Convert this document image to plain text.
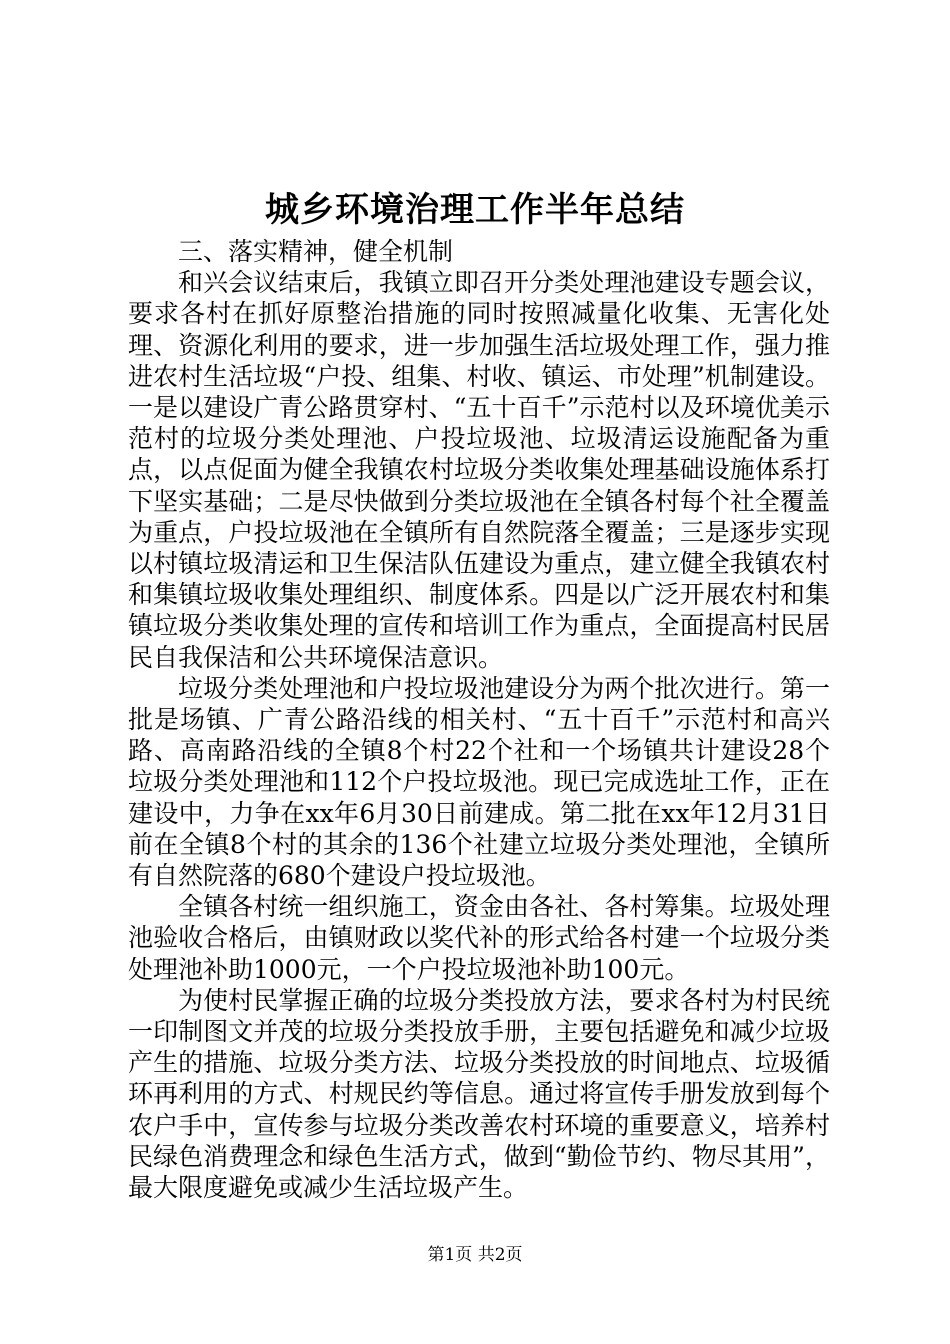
城乡环境治理工作半年总结

三、落实精神，健全机制

和兴会议结束后，我镇立即召开分类处理池建设专题会议，要求各村在抓好原整治措施的同时按照减量化收集、无害化处理、资源化利用的要求，进一步加强生活垃圾处理工作，强力推进农村生活垃圾“户投、组集、村收、镇运、市处理”机制建设。一是以建设广青公路贯穿村、“五十百千”示范村以及环境优美示范村的垃圾分类处理池、户投垃圾池、垃圾清运设施配备为重点，以点促面为健全我镇农村垃圾分类收集处理基础设施体系打下坚实基础；二是尽快做到分类垃圾池在全镇各村每个社全覆盖为重点，户投垃圾池在全镇所有自然院落全覆盖；三是逐步实现以村镇垃圾清运和卫生保洁队伍建设为重点，建立健全我镇农村和集镇垃圾收集处理组织、制度体系。四是以广泛开展农村和集镇垃圾分类收集处理的宣传和培训工作为重点，全面提高村民居民自我保洁和公共环境保洁意识。

垃圾分类处理池和户投垃圾池建设分为两个批次进行。第一批是场镇、广青公路沿线的相关村、“五十百千”示范村和高兴路、高南路沿线的全镇8个村22个社和一个场镇共计建设28个垃圾分类处理池和112个户投垃圾池。现已完成选址工作，正在建设中，力争在xx年6月30日前建成。第二批在xx年12月31日前在全镇8个村的其余的136个社建立垃圾分类处理池，全镇所有自然院落的680个建设户投垃圾池。

全镇各村统一组织施工，资金由各社、各村筹集。垃圾处理池验收合格后，由镇财政以奖代补的形式给各村建一个垃圾分类处理池补助1000元，一个户投垃圾池补助100元。

为使村民掌握正确的垃圾分类投放方法，要求各村为村民统一印制图文并茂的垃圾分类投放手册，主要包括避免和减少垃圾产生的措施、垃圾分类方法、垃圾分类投放的时间地点、垃圾循环再利用的方式、村规民约等信息。通过将宣传手册发放到每个农户手中，宣传参与垃圾分类改善农村环境的重要意义，培养村民绿色消费理念和绿色生活方式，做到“勤俭节约、物尽其用”，最大限度避免或减少生活垃圾产生。

第1页 共2页
